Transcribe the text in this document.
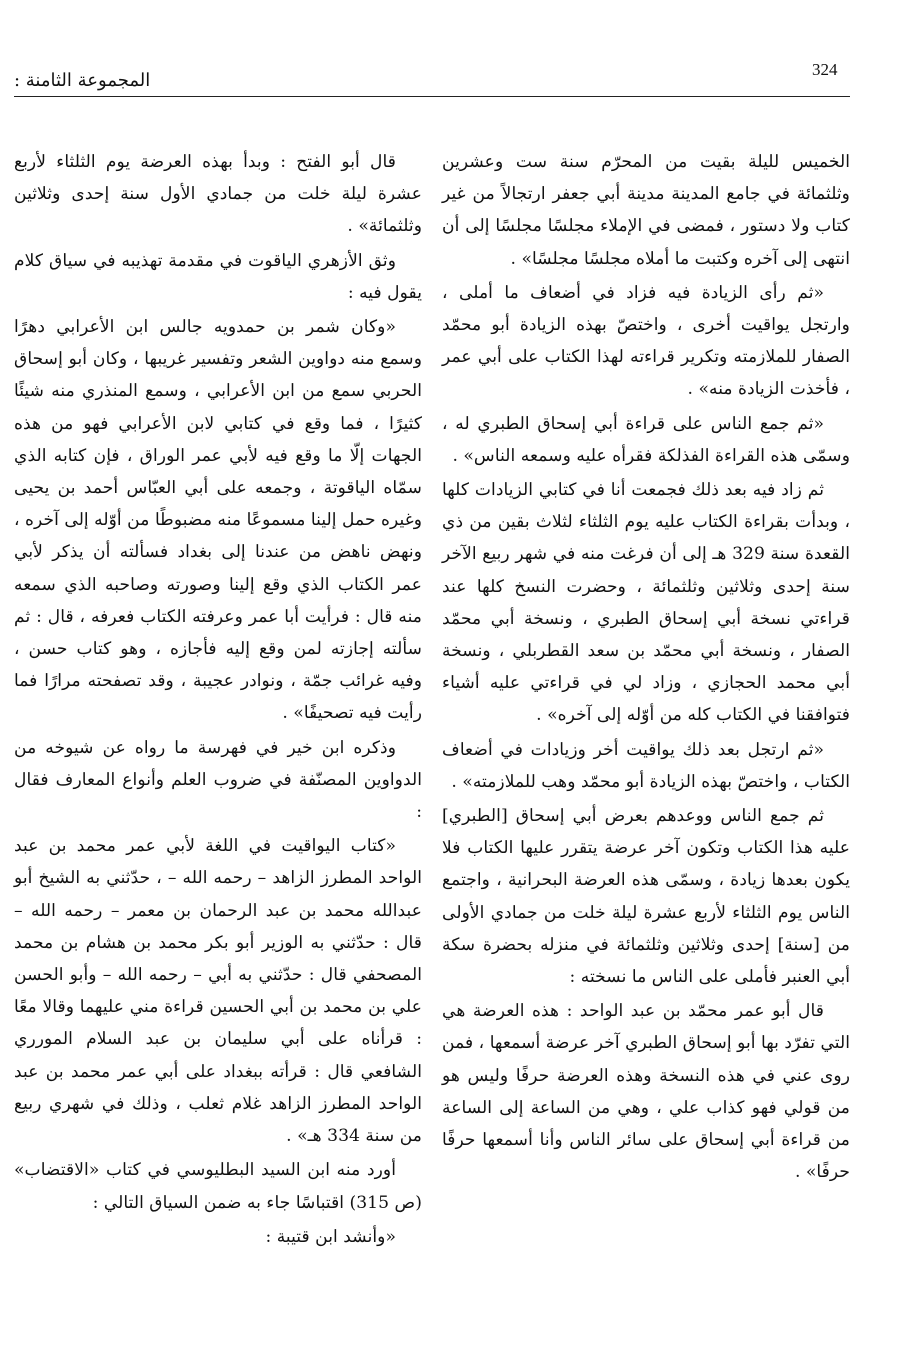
324
المجموعة الثامنة :

الخميس لليلة بقيت من المحرّم سنة ست وعشرين وثلثمائة في جامع المدينة مدينة أبي جعفر ارتجالاً من غير كتاب ولا دستور ، فمضى في الإملاء مجلسًا مجلسًا إلى أن انتهى إلى آخره وكتبت ما أملاه مجلسًا مجلسًا» .

«ثم رأى الزيادة فيه فزاد في أضعاف ما أملى ، وارتجل يواقيت أخرى ، واختصّ بهذه الزيادة أبو محمّد الصفار للملازمته وتكرير قراءته لهذا الكتاب على أبي عمر ، فأخذت الزيادة منه» .

«ثم جمع الناس على قراءة أبي إسحاق الطبري له ، وسمّى هذه القراءة الفذلكة فقرأه عليه وسمعه الناس» .

ثم زاد فيه بعد ذلك فجمعت أنا في كتابي الزيادات كلها ، وبدأت بقراءة الكتاب عليه يوم الثلثاء لثلاث بقين من ذي القعدة سنة 329 هـ إلى أن فرغت منه في شهر ربيع الآخر سنة إحدى وثلاثين وثلثمائة ، وحضرت النسخ كلها عند قراءتي نسخة أبي إسحاق الطبري ، ونسخة أبي محمّد الصفار ، ونسخة أبي محمّد بن سعد القطربلي ، ونسخة أبي محمد الحجازي ، وزاد لي في قراءتي عليه أشياء فتوافقنا في الكتاب كله من أوّله إلى آخره» .

«ثم ارتجل بعد ذلك يواقيت أخر وزيادات في أضعاف الكتاب ، واختصّ بهذه الزيادة أبو محمّد وهب للملازمته» .

ثم جمع الناس ووعدهم بعرض أبي إسحاق [الطبري] عليه هذا الكتاب وتكون آخر عرضة يتقرر عليها الكتاب فلا يكون بعدها زيادة ، وسمّى هذه العرضة البحرانية ، واجتمع الناس يوم الثلثاء لأربع عشرة ليلة خلت من جمادي الأولى من [سنة] إحدى وثلاثين وثلثمائة في منزله بحضرة سكة أبي العنبر فأملى على الناس ما نسخته :

قال أبو عمر محمّد بن عبد الواحد : هذه العرضة هي التي تفرّد بها أبو إسحاق الطبري آخر عرضة أسمعها ، فمن روى عني في هذه النسخة وهذه العرضة حرفًا وليس هو من قولي فهو كذاب علي ، وهي من الساعة إلى الساعة من قراءة أبي إسحاق على سائر الناس وأنا أسمعها حرفًا حرفًا» .

قال أبو الفتح : وبدأ بهذه العرضة يوم الثلثاء لأربع عشرة ليلة خلت من جمادي الأول سنة إحدى وثلاثين وثلثمائة» .

وثق الأزهري الياقوت في مقدمة تهذيبه في سياق كلام يقول فيه :

«وكان شمر بن حمدويه جالس ابن الأعرابي دهرًا وسمع منه دواوين الشعر وتفسير غريبها ، وكان أبو إسحاق الحربي سمع من ابن الأعرابي ، وسمع المنذري منه شيئًا كثيرًا ، فما وقع في كتابي لابن الأعرابي فهو من هذه الجهات إلّا ما وقع فيه لأبي عمر الوراق ، فإن كتابه الذي سمّاه الياقوتة ، وجمعه على أبي العبّاس أحمد بن يحيى وغيره حمل إلينا مسموعًا منه مضبوطًا من أوّله إلى آخره ، ونهض ناهض من عندنا إلى بغداد فسألته أن يذكر لأبي عمر الكتاب الذي وقع إلينا وصورته وصاحبه الذي سمعه منه قال : فرأيت أبا عمر وعرفته الكتاب فعرفه ، قال : ثم سألته إجازته لمن وقع إليه فأجازه ، وهو كتاب حسن ، وفيه غرائب جمّة ، ونوادر عجيبة ، وقد تصفحته مرارًا فما رأيت فيه تصحيفًا» .

وذكره ابن خير في فهرسة ما رواه عن شيوخه من الدواوين المصنّفة في ضروب العلم وأنواع المعارف فقال :

«كتاب اليواقيت في اللغة لأبي عمر محمد بن عبد الواحد المطرز الزاهد – رحمه الله – ، حدّثني به الشيخ أبو عبدالله محمد بن عبد الرحمان بن معمر – رحمه الله – قال : حدّثني به الوزير أبو بكر محمد بن هشام بن محمد المصحفي قال : حدّثني به أبي – رحمه الله – وأبو الحسن علي بن محمد بن أبي الحسين قراءة مني عليهما وقالا معًا : قرأناه على أبي سليمان بن عبد السلام المورري الشافعي قال : قرأته ببغداد على أبي عمر محمد بن عبد الواحد المطرز الزاهد غلام ثعلب ، وذلك في شهري ربيع من سنة 334 هـ» .

أورد منه ابن السيد البطليوسي في كتاب «الاقتضاب» (ص 315) اقتباسًا جاء به ضمن السياق التالي :

«وأنشد ابن قتيبة :
